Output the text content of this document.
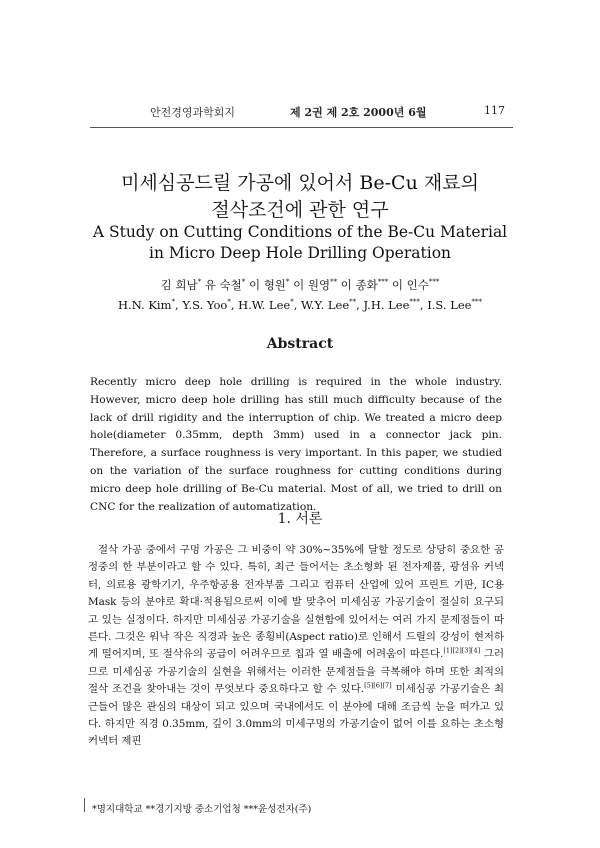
안전경영과학회지	제 2권 제 2호 2000년 6월	117
미세심공드릴 가공에 있어서 Be-Cu 재료의
절삭조건에 관한 연구
A Study on Cutting Conditions of the Be-Cu Material
in Micro Deep Hole Drilling Operation
김 희남* 유 숙철* 이 형원* 이 원영** 이 종화*** 이 인수***
H.N. Kim*, Y.S. Yoo*, H.W. Lee*, W.Y. Lee**, J.H. Lee***, I.S. Lee***
Abstract
Recently micro deep hole drilling is required in the whole industry. However, micro deep hole drilling has still much difficulty because of the lack of drill rigidity and the interruption of chip. We treated a micro deep hole(diameter 0.35mm, depth 3mm) used in a connector jack pin. Therefore, a surface roughness is very important. In this paper, we studied on the variation of the surface roughness for cutting conditions during micro deep hole drilling of Be-Cu material. Most of all, we tried to drill on CNC for the realization of automatization.
1. 서론
절삭 가공 중에서 구멍 가공은 그 비중이 약 30%~35%에 달할 정도로 상당히 중요한 공정중의 한 부분이라고 할 수 있다. 특히, 최근 들어서는 초소형화 된 전자제품, 광섬유 커넥터, 의료용 광학기기, 우주항공용 전자부품 그리고 컴퓨터 산업에 있어 프린트 기판, IC용 Mask 등의 분야로 확대·적용됨으로써 이에 발 맞추어 미세심공 가공기술이 절실히 요구되고 있는 실정이다. 하지만 미세심공 가공기술을 실현함에 있어서는 여러 가지 문제점들이 따른다. 그것은 워낙 작은 직경과 높은 종횡비(Aspect ratio)로 인해서 드릴의 강성이 현저하게 떨어지며, 또 절삭유의 공급이 어려우므로 칩과 열 배출에 어려움이 따른다.[1][2][3][4] 그러므로 미세심공 가공기술의 실현을 위해서는 이러한 문제점들을 극복해야 하며 또한 최적의 절삭 조건을 찾아내는 것이 무엇보다 중요하다고 할 수 있다.[5][6][7] 미세심공 가공기술은 최근들어 많은 관심의 대상이 되고 있으며 국내에서도 이 분야에 대해 조금씩 눈을 떠가고 있다. 하지만 직경 0.35mm, 깊이 3.0mm의 미세구멍의 가공기술이 없어 이를 요하는 초소형 커넥터 제핀
*명지대학교 **경기지방 중소기업청 ***윤성전자(주)
